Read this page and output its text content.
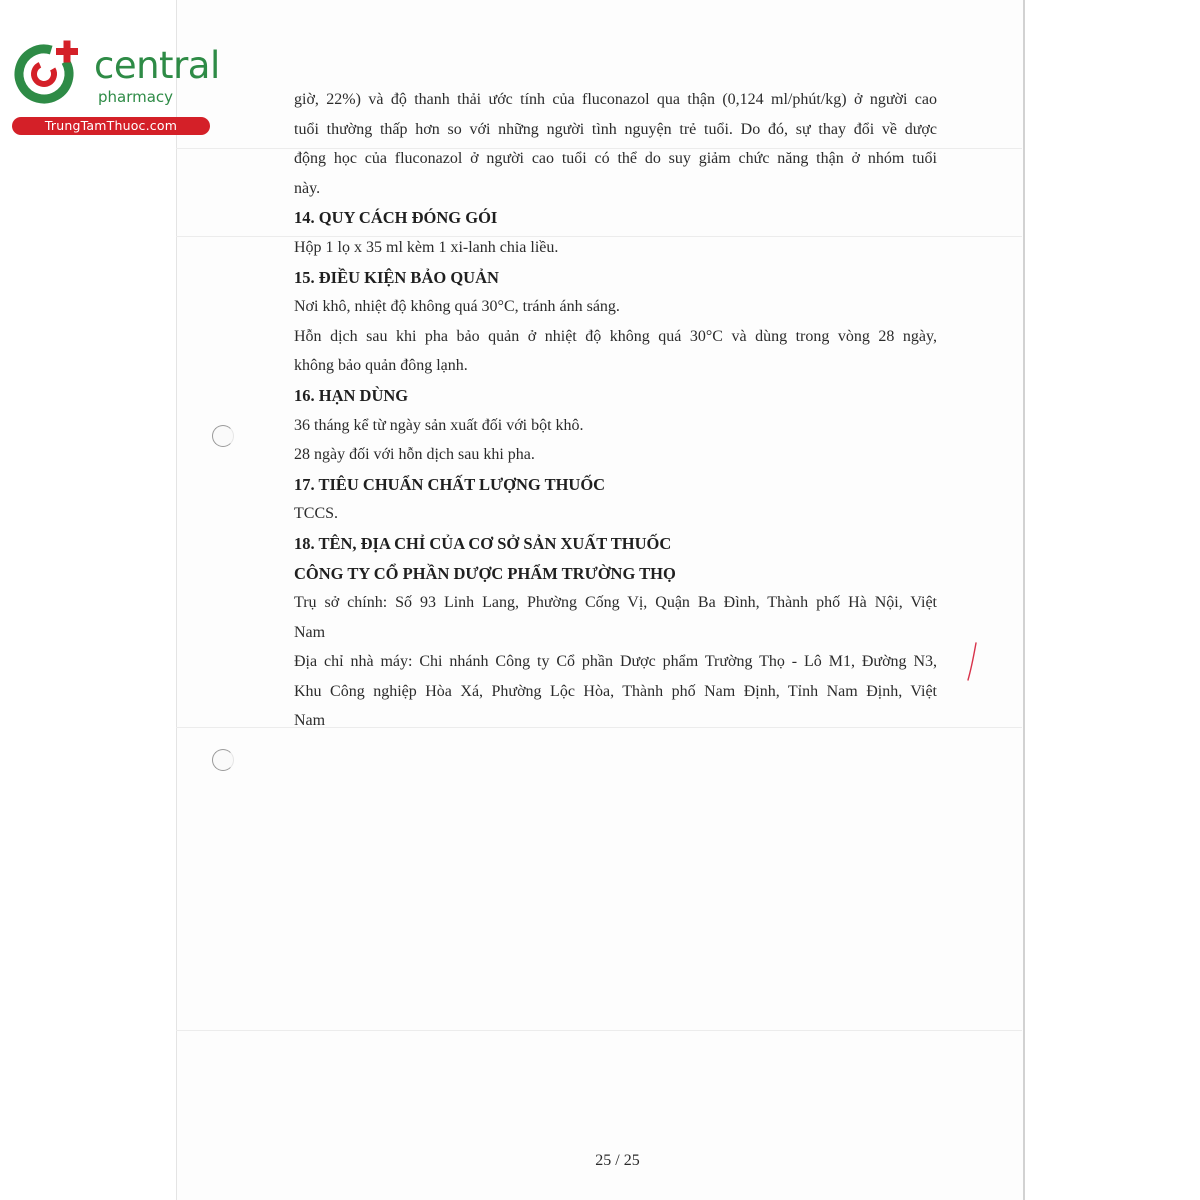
central
pharmacy
TrungTamThuoc.com
giờ, 22%) và độ thanh thải ước tính của fluconazol qua thận (0,124 ml/phút/kg) ở người cao
tuổi thường thấp hơn so với những người tình nguyện trẻ tuổi. Do đó, sự thay đổi về dược
động học của fluconazol ở người cao tuổi có thể do suy giảm chức năng thận ở nhóm tuổi
này.
14. QUY CÁCH ĐÓNG GÓI
Hộp 1 lọ x 35 ml kèm 1 xi-lanh chia liều.
15. ĐIỀU KIỆN BẢO QUẢN
Nơi khô, nhiệt độ không quá 30°C, tránh ánh sáng.
Hỗn dịch sau khi pha bảo quản ở nhiệt độ không quá 30°C và dùng trong vòng 28 ngày,
không bảo quản đông lạnh.
16. HẠN DÙNG
36 tháng kể từ ngày sản xuất đối với bột khô.
28 ngày đối với hỗn dịch sau khi pha.
17. TIÊU CHUẨN CHẤT LƯỢNG THUỐC
TCCS.
18. TÊN, ĐỊA CHỈ CỦA CƠ SỞ SẢN XUẤT THUỐC
CÔNG TY CỔ PHẦN DƯỢC PHẨM TRƯỜNG THỌ
Trụ sở chính: Số 93 Linh Lang, Phường Cống Vị, Quận Ba Đình, Thành phố Hà Nội, Việt
Nam
Địa chỉ nhà máy: Chi nhánh Công ty Cổ phần Dược phẩm Trường Thọ - Lô M1, Đường N3,
Khu Công nghiệp Hòa Xá, Phường Lộc Hòa, Thành phố Nam Định, Tỉnh Nam Định, Việt
Nam
25 / 25
